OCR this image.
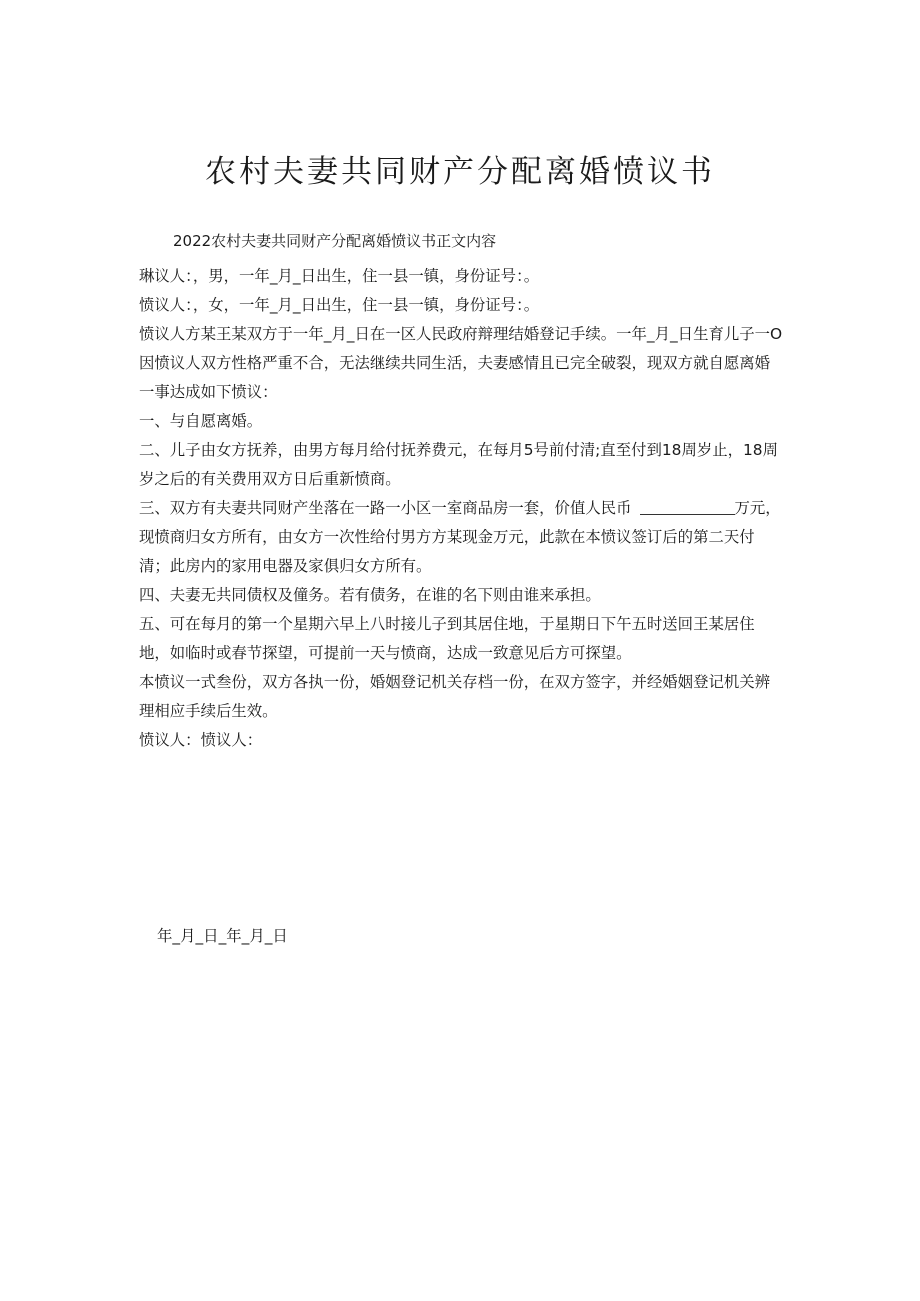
农村夫妻共同财产分配离婚愤议书
2022农村夫妻共同财产分配离婚愤议书正文内容

琳议人：，男，一年_月_日出生，住一县一镇，身份证号：。

愤议人：，女，一年_月_日出生，住一县一镇，身份证号：。

愤议人方某王某双方于一年_月_日在一区人民政府辩理结婚登记手续。一年_月_日生育儿子一O

因愤议人双方性格严重不合，无法继续共同生活，夫妻感情且已完全破裂，现双方就自愿离婚一事达成如下愤议：

一、与自愿离婚。

二、儿子由女方抚养，由男方每月给付抚养费元，在每月5号前付清;直至付到18周岁止，18周岁之后的有关费用双方日后重新愤商。

三、双方有夫妻共同财产坐落在一路一小区一室商品房一套，价值人民币	万元，现愤商归女方所有，由女方一次性给付男方方某现金万元，此款在本愤议签订后的第二天付清；此房内的家用电器及家俱归女方所有。

四、夫妻无共同债权及僮务。若有债务，在谁的名下则由谁来承担。

五、可在每月的第一个星期六早上八时接儿子到其居住地，于星期日下午五时送回王某居住地，如临时或春节探望，可提前一天与愤商，达成一致意见后方可探望。

本愤议一式叁份，双方各执一份，婚姻登记机关存档一份，在双方签字，并经婚姻登记机关辨理相应手续后生效。

愤议人：愤议人：

年_月_日_年_月_日
